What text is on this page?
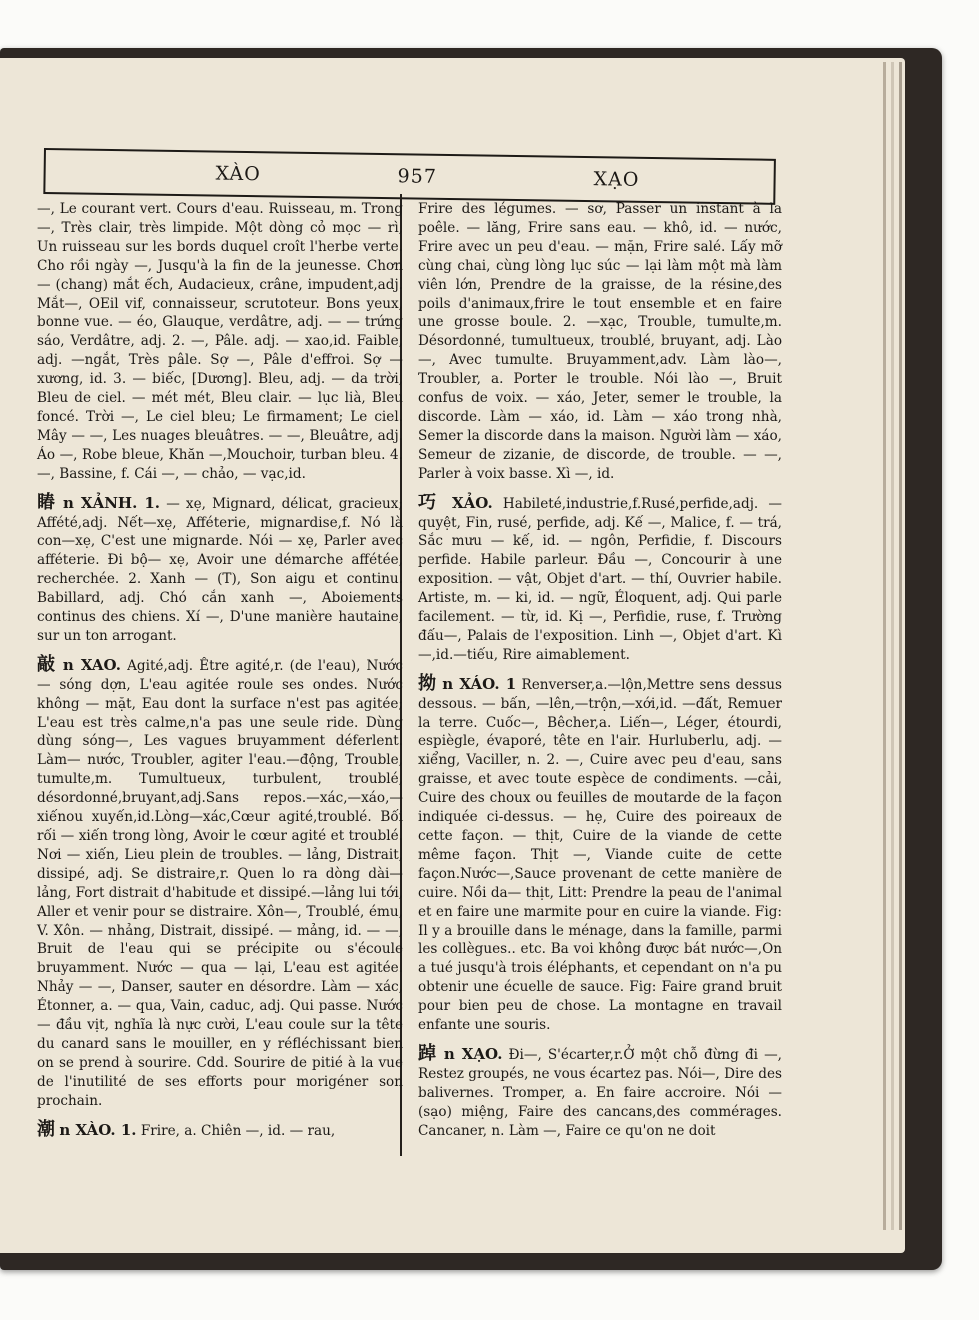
XÀO	957	XẠO

—, Le courant vert. Cours d'eau. Ruisseau, m. Trong —, Très clair, très limpide. Một dòng cỏ mọc — rì, Un ruisseau sur les bords duquel croît l'herbe verte. Cho rồi ngày —, Jusqu'à la fin de la jeunesse. Chơn — (chang) mắt ếch, Audacieux, crâne, impudent,adj. Mắt—, OEil vif, connaisseur, scrutoteur. Bons yeux, bonne vue. — éo, Glauque, verdâtre, adj. — — trứng sáo, Verdâtre, adj. 2. —, Pâle. adj. — xao,id. Faible, adj. —ngắt, Très pâle. Sợ —, Pâle d'effroi. Sợ — xương, id. 3. — biếc, [Dương]. Bleu, adj. — da trời, Bleu de ciel. — mét mét, Bleu clair. — lục lià, Bleu foncé. Trời —, Le ciel bleu; Le firmament; Le ciel. Mây — —, Les nuages bleuâtres. — —, Bleuâtre, adj. Áo —, Robe bleue, Khăn —,Mouchoir, turban bleu. 4. —, Bassine, f. Cái —, — chảo, — vạc,id.

睶 n XẢNH. 1. — xẹ, Mignard, délicat, gracieux; Affété,adj. Nết—xẹ, Afféterie, mignardise,f. Nó là con—xẹ, C'est une mignarde. Nói — xẹ, Parler avec afféterie. Đi bộ— xẹ, Avoir une démarche affétée, recherchée. 2. Xanh — (T), Son aigu et continu. Babillard, adj. Chó cắn xanh —, Aboiements continus des chiens. Xí —, D'une manière hautaine, sur un ton arrogant.

敲 n XAO. Agité,adj. Être agité,r. (de l'eau), Nước — sóng dợn, L'eau agitée roule ses ondes. Nước không — mặt, Eau dont la surface n'est pas agitée; L'eau est très calme,n'a pas une seule ride. Dùng dùng sóng—, Les vagues bruyamment déferlent. Làm— nước, Troubler, agiter l'eau.—động, Trouble, tumulte,m. Tumultueux, turbulent, troublé, désordonné,bruyant,adj.Sans repos.—xác,—xáo,—xiếnou xuyến,id.Lòng—xác,Cœur agité,troublé. Bối rối — xiến trong lòng, Avoir le cœur agité et troublé. Nơi — xiến, Lieu plein de troubles. — lảng, Distrait, dissipé, adj. Se distraire,r. Quen lo ra dòng dài— lảng, Fort distrait d'habitude et dissipé.—lảng lui tới, Aller et venir pour se distraire. Xôn—, Troublé, ému, V. Xôn. — nhảng, Distrait, dissipé. — mảng, id. — —, Bruit de l'eau qui se précipite ou s'écoule bruyamment. Nước — qua — lại, L'eau est agitée. Nhảy — —, Danser, sauter en désordre. Làm — xác, Étonner, a. — qua, Vain, caduc, adj. Qui passe. Nước— đầu vịt, nghĩa là nực cười, L'eau coule sur la tête du canard sans le mouiller, en y réfléchissant bien on se prend à sourire. Cdd. Sourire de pitié à la vue de l'inutilité de ses efforts pour morigéner son prochain.

潮 n XÀO. 1. Frire, a. Chiên —, id. — rau,

Frire des légumes. — sơ, Passer un instant à la poêle. — lăng, Frire sans eau. — khô, id. — nước, Frire avec un peu d'eau. — mặn, Frire salé. Lấy mỡ cùng chai, cùng lòng lục súc — lại làm một mà làm viên lớn, Prendre de la graisse, de la résine,des poils d'animaux,frire le tout ensemble et en faire une grosse boule. 2. —xạc, Trouble, tumulte,m. Désordonné, tumultueux, troublé, bruyant, adj. Lào—, Avec tumulte. Bruyamment,adv. Làm lào—, Troubler, a. Porter le trouble. Nói lào —, Bruit confus de voix. — xáo, Jeter, semer le trouble, la discorde. Làm — xáo, id. Làm — xáo trong nhà, Semer la discorde dans la maison. Người làm — xáo, Semeur de zizanie, de discorde, de trouble. — —, Parler à voix basse. Xì —, id.

巧 XẢO. Habileté,industrie,f.Rusé,perfide,adj. — quyệt, Fin, rusé, perfide, adj. Kế —, Malice, f. — trá, Sắc mưu — kế, id. — ngôn, Perfidie, f. Discours perfide. Habile parleur. Đầu —, Concourir à une exposition. — vật, Objet d'art. — thí, Ouvrier habile. Artiste, m. — ki, id. — ngữ, Éloquent, adj. Qui parle facilement. — từ, id. Kị —, Perfidie, ruse, f. Trường đấu—, Palais de l'exposition. Linh —, Objet d'art. Kì—,id.—tiếu, Rire aimablement.

拗 n XÁO. 1 Renverser,a.—lộn,Mettre sens dessus dessous. — bấn, —lên,—trộn,—xới,id. —đất, Remuer la terre. Cuốc—, Bêcher,a. Liến—, Léger, étourdi, espiègle, évaporé, tête en l'air. Hurluberlu, adj. — xiểng, Vaciller, n. 2. —, Cuire avec peu d'eau, sans graisse, et avec toute espèce de condiments. —cải, Cuire des choux ou feuilles de moutarde de la façon indiquée ci-dessus. — hẹ, Cuire des poireaux de cette façon. — thịt, Cuire de la viande de cette même façon. Thịt —, Viande cuite de cette façon.Nước—,Sauce provenant de cette manière de cuire. Nồi da— thịt, Litt: Prendre la peau de l'animal et en faire une marmite pour en cuire la viande. Fig: Il y a brouille dans le ménage, dans la famille, parmi les collègues.. etc. Ba voi không được bát nước—,On a tué jusqu'à trois éléphants, et cependant on n'a pu obtenir une écuelle de sauce. Fig: Faire grand bruit pour bien peu de chose. La montagne en travail enfante une souris.

踔 n XẠO. Đi—, S'écarter,r.Ở một chỗ đừng đi —, Restez groupés, ne vous écartez pas. Nói—, Dire des balivernes. Tromper, a. En faire accroire. Nói — (sạo) miệng, Faire des cancans,des commérages. Cancaner, n. Làm —, Faire ce qu'on ne doit
